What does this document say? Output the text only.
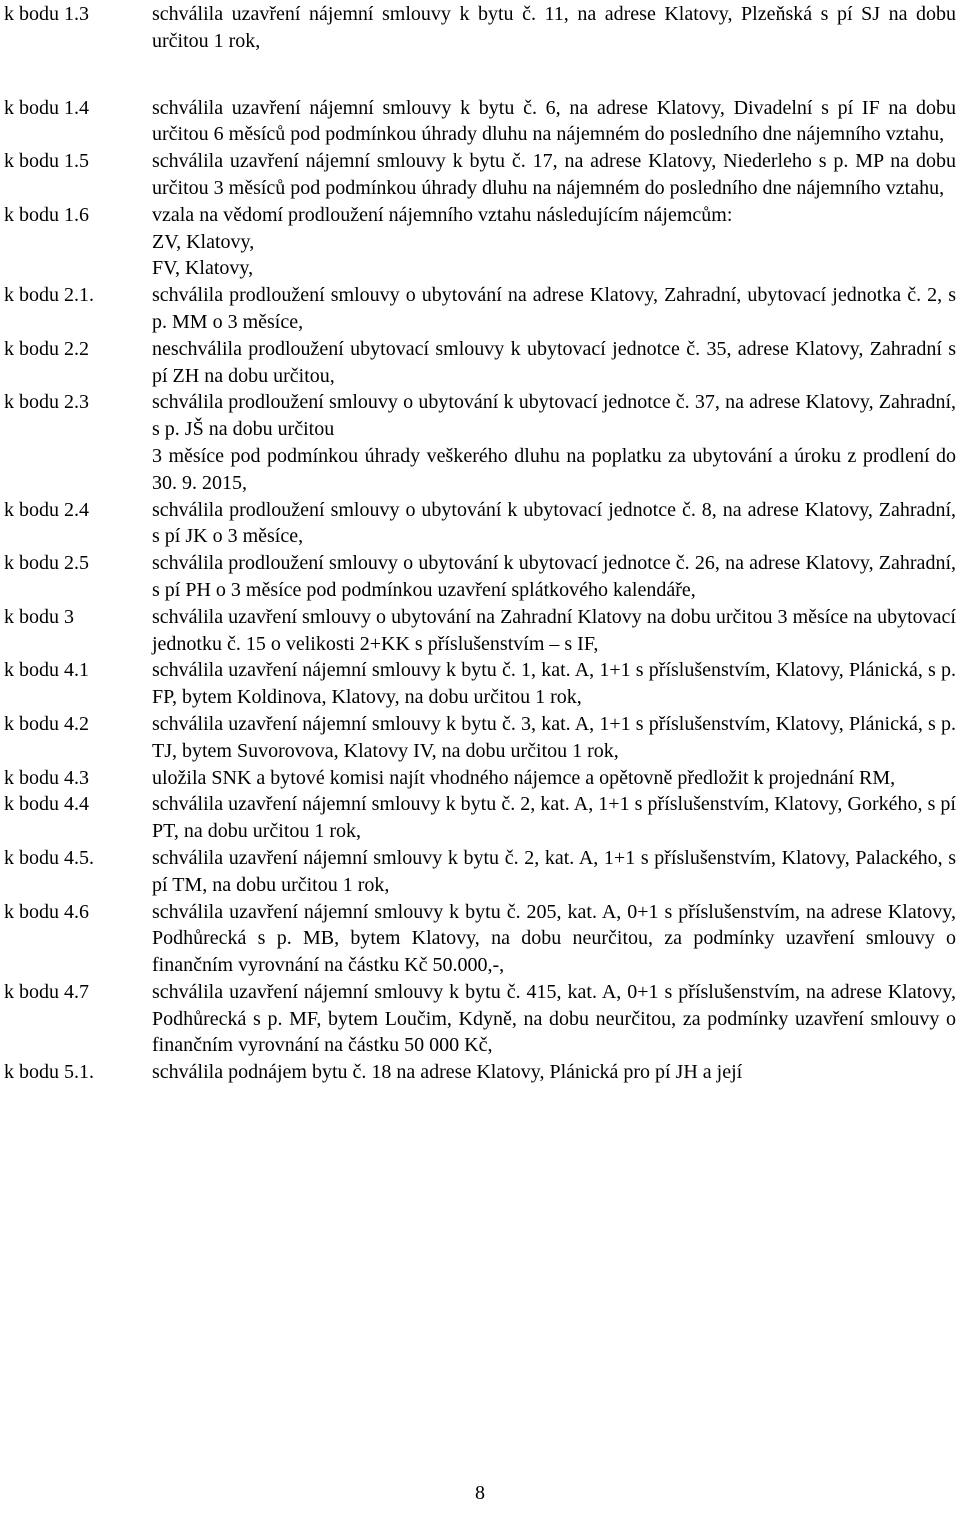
k bodu 1.3	schválila uzavření nájemní smlouvy k bytu č. 11, na adrese Klatovy, Plzeňská s pí SJ na dobu určitou 1 rok,
k bodu 1.4	schválila uzavření nájemní smlouvy k bytu č. 6, na adrese Klatovy, Divadelní s pí IF na dobu určitou 6 měsíců pod podmínkou úhrady dluhu na nájemném do posledního dne nájemního vztahu,
k bodu 1.5	schválila uzavření nájemní smlouvy k bytu č. 17, na adrese Klatovy, Niederleho s p. MP na dobu určitou 3 měsíců pod podmínkou úhrady dluhu na nájemném do posledního dne nájemního vztahu,
k bodu 1.6	vzala na vědomí prodloužení nájemního vztahu následujícím nájemcům:
ZV, Klatovy,
FV, Klatovy,
k bodu 2.1.	schválila prodloužení smlouvy o ubytování na adrese Klatovy, Zahradní, ubytovací jednotka č. 2, s p. MM o 3 měsíce,
k bodu 2.2	neschválila prodloužení ubytovací smlouvy k ubytovací jednotce č. 35, adrese Klatovy, Zahradní s pí ZH na dobu určitou,
k bodu 2.3	schválila prodloužení smlouvy o ubytování k ubytovací jednotce č. 37, na adrese Klatovy, Zahradní, s p. JŠ na dobu určitou
3 měsíce pod podmínkou úhrady veškerého dluhu na poplatku za ubytování a úroku z prodlení do 30. 9. 2015,
k bodu 2.4	schválila prodloužení smlouvy o ubytování k ubytovací jednotce č. 8, na adrese Klatovy, Zahradní, s pí JK o 3 měsíce,
k bodu 2.5	schválila prodloužení smlouvy o ubytování k ubytovací jednotce č. 26, na adrese Klatovy, Zahradní, s pí PH o 3 měsíce pod podmínkou uzavření splátkového kalendáře,
k bodu 3	schválila uzavření smlouvy o ubytování na Zahradní Klatovy na dobu určitou 3 měsíce na ubytovací jednotku č. 15 o velikosti 2+KK s příslušenstvím – s IF,
k bodu 4.1	schválila uzavření nájemní smlouvy k bytu č. 1, kat. A, 1+1 s příslušenstvím, Klatovy, Plánická, s p. FP, bytem Koldinova, Klatovy, na dobu určitou 1 rok,
k bodu 4.2	schválila uzavření nájemní smlouvy k bytu č. 3, kat. A, 1+1 s příslušenstvím, Klatovy, Plánická, s p. TJ, bytem Suvorovova, Klatovy IV, na dobu určitou 1 rok,
k bodu 4.3	uložila SNK a bytové komisi najít vhodného nájemce a opětovně předložit k projednání RM,
k bodu 4.4	schválila uzavření nájemní smlouvy k bytu č. 2, kat. A, 1+1 s příslušenstvím, Klatovy, Gorkého, s pí PT, na dobu určitou 1 rok,
k bodu 4.5.	schválila uzavření nájemní smlouvy k bytu č. 2, kat. A, 1+1 s příslušenstvím, Klatovy, Palackého, s pí TM, na dobu určitou 1 rok,
k bodu 4.6	schválila uzavření nájemní smlouvy k bytu č. 205, kat. A, 0+1 s příslušenstvím, na adrese Klatovy, Podhůrecká s p. MB, bytem Klatovy, na dobu neurčitou, za podmínky uzavření smlouvy o finančním vyrovnání na částku Kč 50.000,-,
k bodu 4.7	schválila uzavření nájemní smlouvy k bytu č. 415, kat. A, 0+1 s příslušenstvím, na adrese Klatovy, Podhůrecká s p. MF, bytem Loučim, Kdyně, na dobu neurčitou, za podmínky uzavření smlouvy o finančním vyrovnání na částku 50 000 Kč,
k bodu 5.1.	schválila podnájem bytu č. 18 na adrese Klatovy, Plánická pro pí JH a její
8
